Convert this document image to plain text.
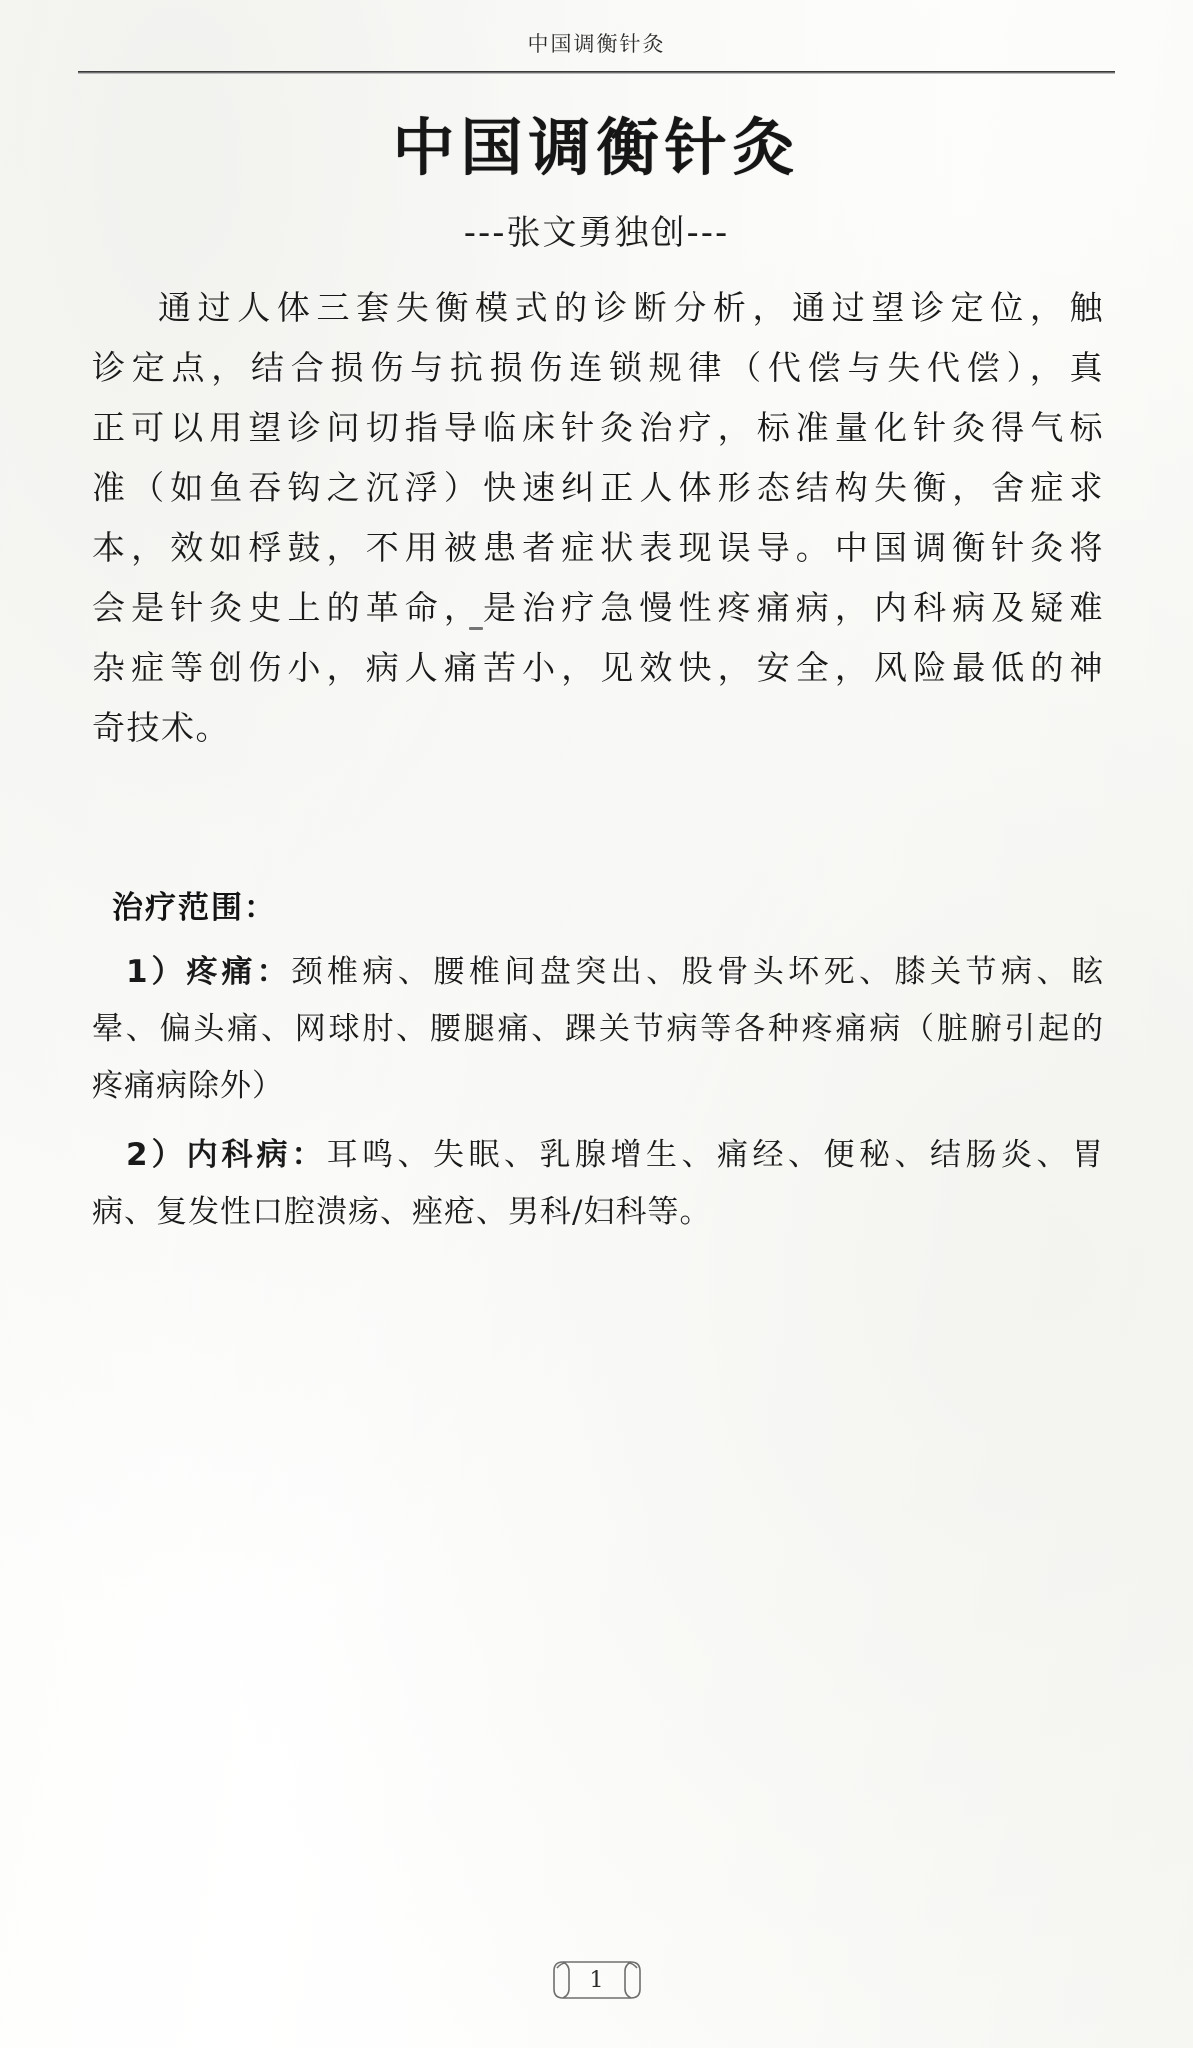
中国调衡针灸
中国调衡针灸
---张文勇独创---
通过人体三套失衡模式的诊断分析，通过望诊定位，触
诊定点，结合损伤与抗损伤连锁规律（代偿与失代偿），真
正可以用望诊问切指导临床针灸治疗，标准量化针灸得气标
准（如鱼吞钩之沉浮）快速纠正人体形态结构失衡，舍症求
本，效如桴鼓，不用被患者症状表现误导。中国调衡针灸将
会是针灸史上的革命，是治疗急慢性疼痛病，内科病及疑难
杂症等创伤小，病人痛苦小，见效快，安全，风险最低的神
奇技术。
治疗范围：
1）疼痛：颈椎病、腰椎间盘突出、股骨头坏死、膝关节病、眩
晕、偏头痛、网球肘、腰腿痛、踝关节病等各种疼痛病（脏腑引起的
疼痛病除外）
2）内科病：耳鸣、失眠、乳腺增生、痛经、便秘、结肠炎、胃
病、复发性口腔溃疡、痤疮、男科/妇科等。
1
